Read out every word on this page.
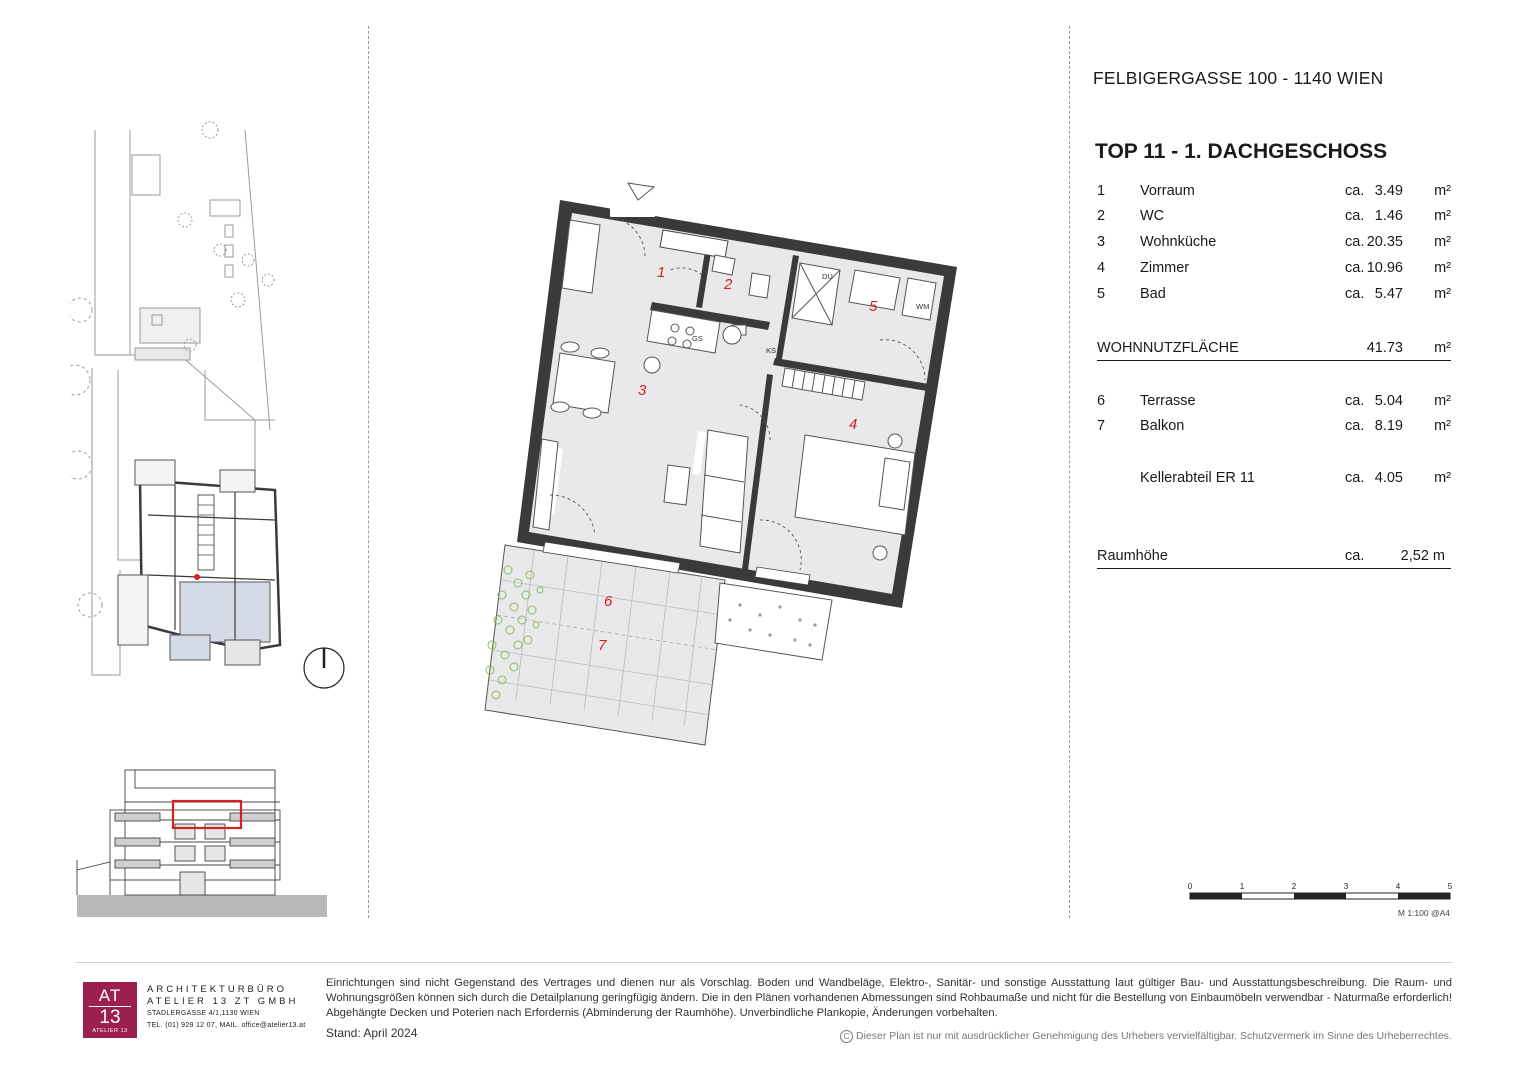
1
2
3
4
5
6
7
DU
WM
GS
KS
FELBIGERGASSE 100 - 1140 WIEN
TOP 11 - 1. DACHGESCHOSS
1 Vorraum	ca. 3.49 m²
2 WC	ca. 1.46 m²
3 Wohnküche	ca. 20.35 m²
4 Zimmer	ca. 10.96 m²
5 Bad	ca. 5.47 m²
WOHNNUTZFLÄCHE	41.73 m²
6 Terrasse	ca. 5.04 m²
7 Balkon	ca. 8.19 m²
Kellerabteil ER 11	ca. 4.05 m²
Raumhöhe	ca.	2,52 m
0	1	2	3	4	5
M 1:100 @A4
AT
13
ATELIER 13
ARCHITEKTURBÜRO
ATELIER 13 ZT GMBH
STADLERGASSE 4/1,1130 WIEN
TEL. (01) 929 12 07, MAIL. office@atelier13.at
Einrichtungen sind nicht Gegenstand des Vertrages und dienen nur als Vorschlag. Boden und Wandbeläge, Elektro-, Sanitär- und sonstige Ausstattung laut gültiger Bau- und Ausstattungsbeschreibung. Die Raum- und Wohnungsgrößen können sich durch die Detailplanung geringfügig ändern. Die in den Plänen vorhandenen Abmessungen sind Rohbaumaße und nicht für die Bestellung von Einbaumöbeln verwendbar - Naturmaße erforderlich! Abgehängte Decken und Poterien nach Erfordernis (Abminderung der Raumhöhe). Unverbindliche Plankopie, Änderungen vorbehalten.
Stand: April 2024	C Dieser Plan ist nur mit ausdrücklicher Genehmigung des Urhebers vervielfältigbar. Schutzvermerk im Sinne des Urheberrechtes.
